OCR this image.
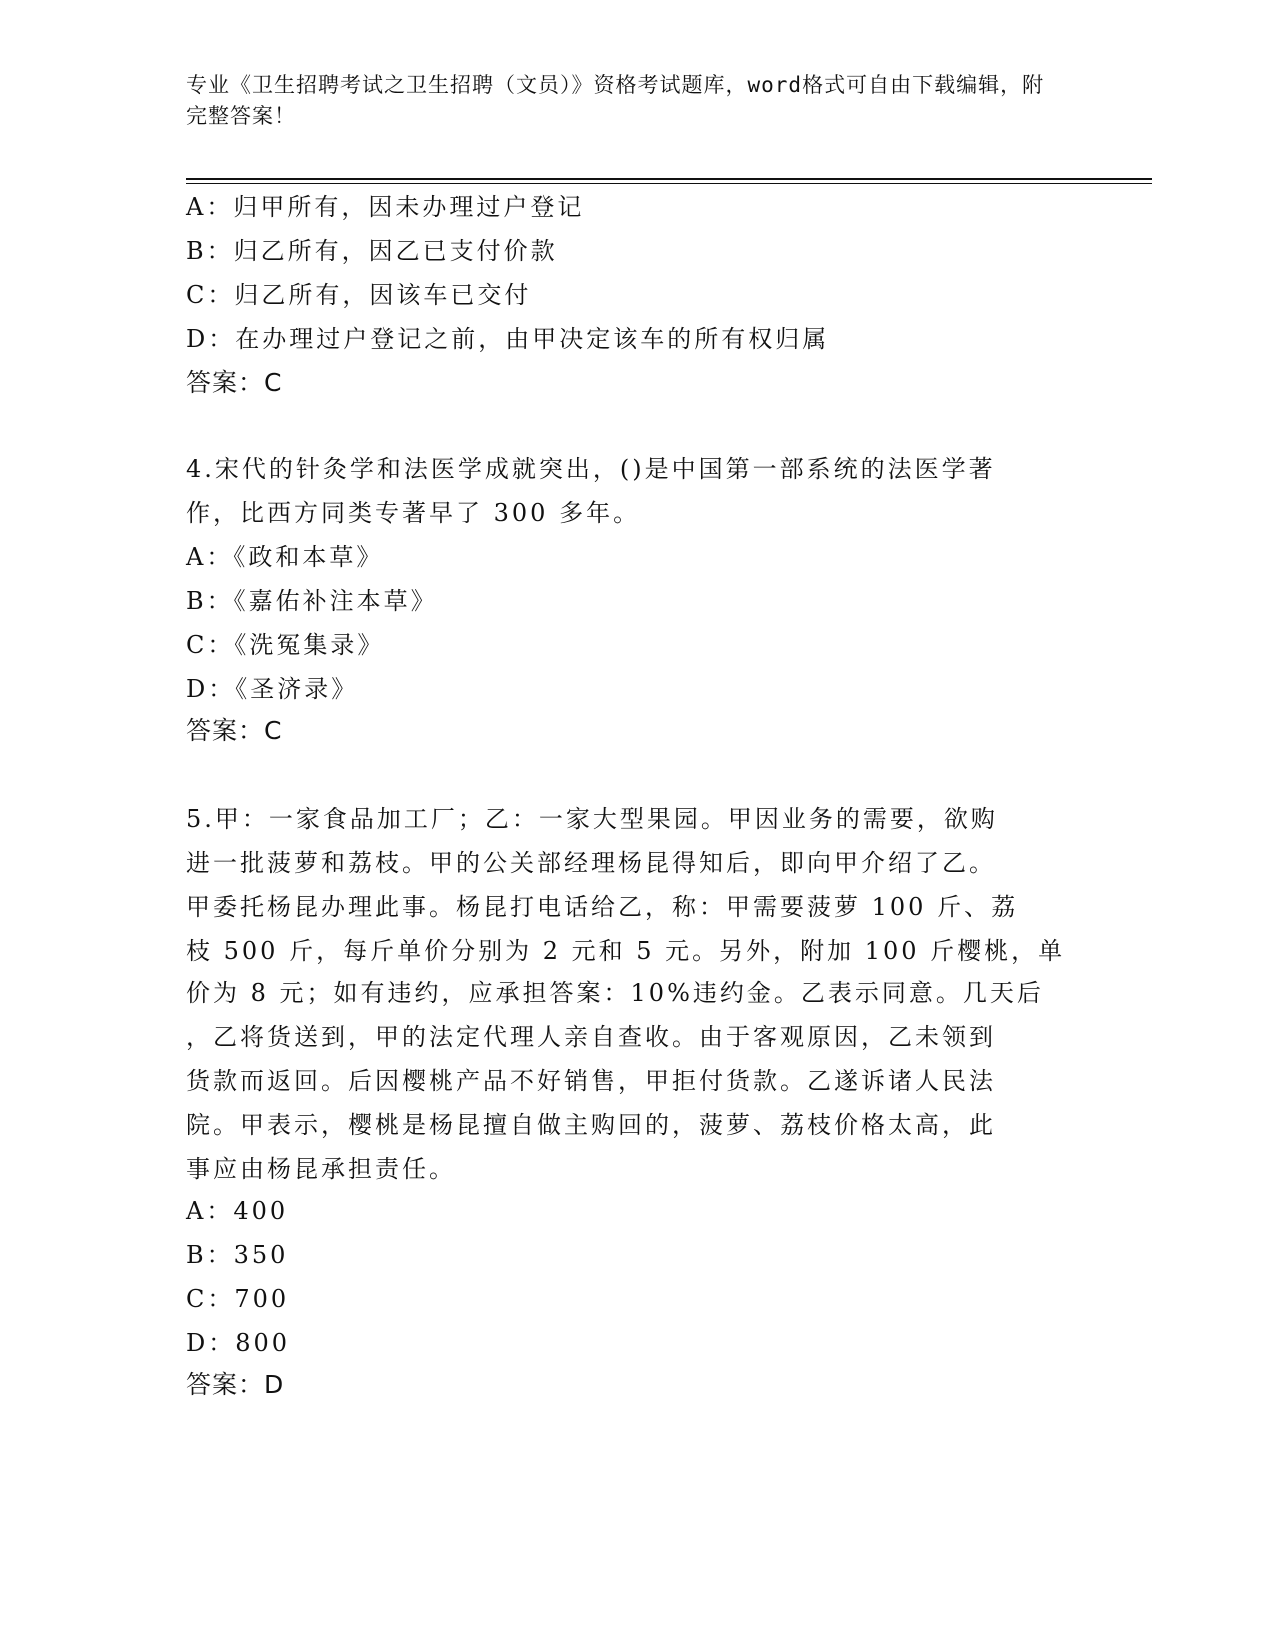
专业《卫生招聘考试之卫生招聘（文员）》资格考试题库，word格式可自由下载编辑，附完整答案！
A：归甲所有，因未办理过户登记
B：归乙所有，因乙已支付价款
C：归乙所有，因该车已交付
D：在办理过户登记之前，由甲决定该车的所有权归属
答案：C
4.宋代的针灸学和法医学成就突出，()是中国第一部系统的法医学著
作，比西方同类专著早了 300 多年。
A：《政和本草》
B：《嘉佑补注本草》
C：《洗冤集录》
D：《圣济录》
答案：C
5.甲：一家食品加工厂；乙：一家大型果园。甲因业务的需要，欲购
进一批菠萝和荔枝。甲的公关部经理杨昆得知后，即向甲介绍了乙。
甲委托杨昆办理此事。杨昆打电话给乙，称：甲需要菠萝 100 斤、荔
枝 500 斤，每斤单价分别为 2 元和 5 元。另外，附加 100 斤樱桃，单
价为 8 元；如有违约，应承担答案：10%违约金。乙表示同意。几天后
，乙将货送到，甲的法定代理人亲自查收。由于客观原因，乙未领到
货款而返回。后因樱桃产品不好销售，甲拒付货款。乙遂诉诸人民法
院。甲表示，樱桃是杨昆擅自做主购回的，菠萝、荔枝价格太高，此
事应由杨昆承担责任。
A：400
B：350
C：700
D：800
答案：D
